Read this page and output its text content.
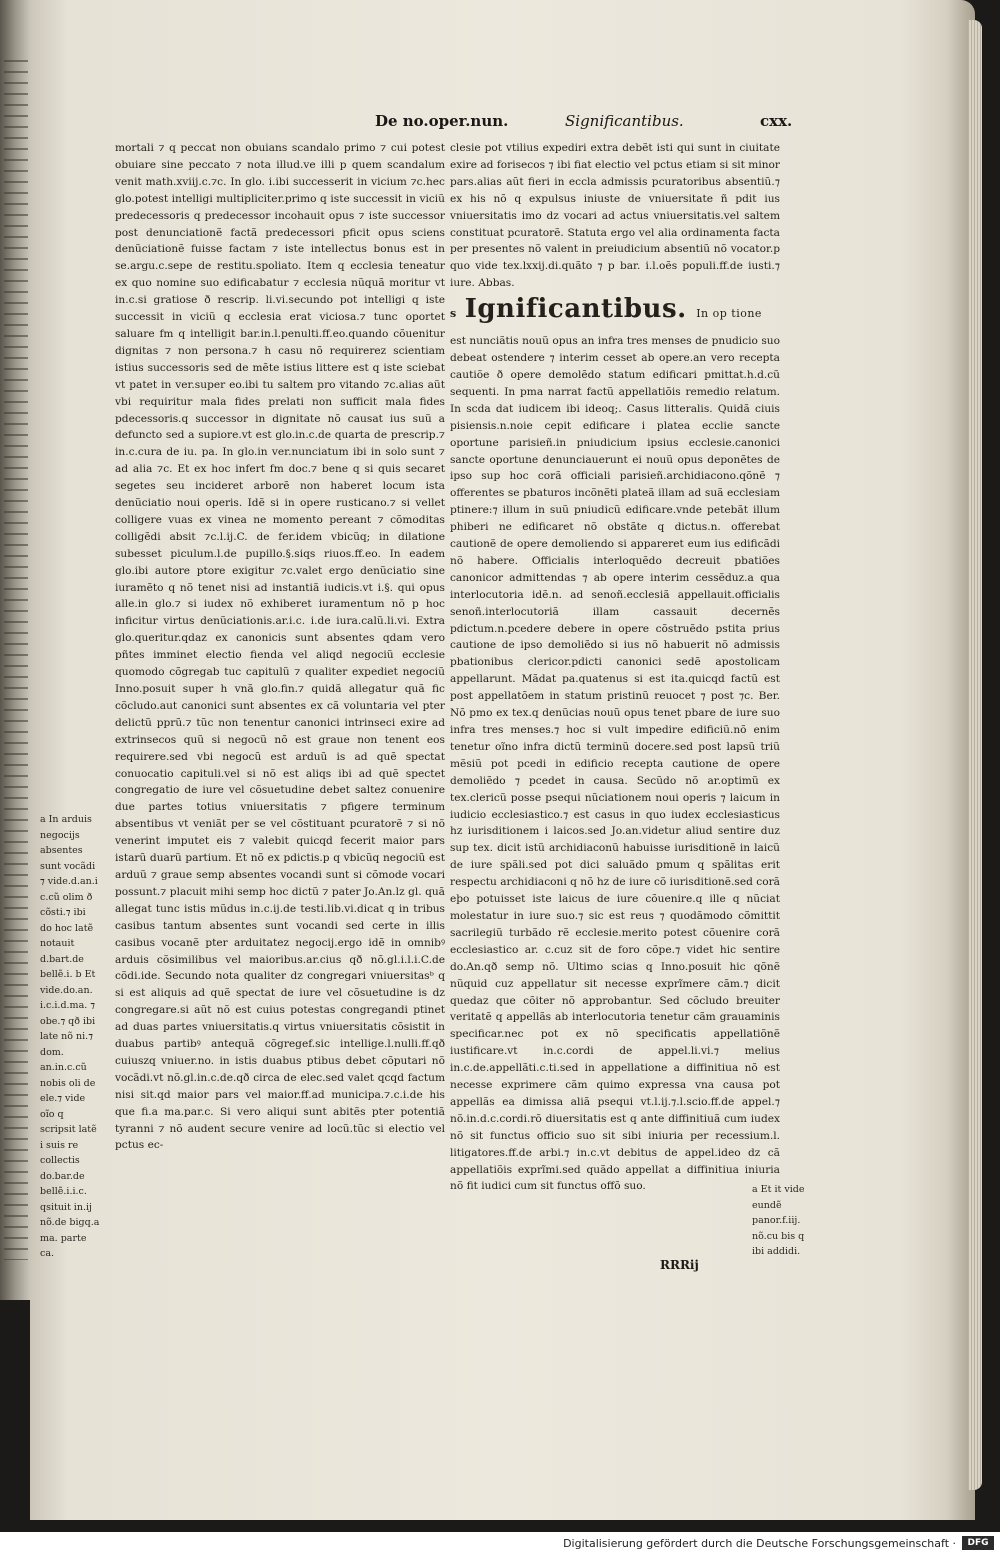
De no.oper.nun.	Significantibus.	cxx.

mortali ⁊ q peccat non obuians scandalo primo ⁊ cui potest obuiare sine peccato ⁊ nota illud.ve illi p quem scandalum venit math.xviij.c.⁊c. In glo. i.ibi successerit in vicium ⁊c.hec glo.potest intelligi multipliciter.primo q iste successit in viciũ predecessoris q predecessor incohauit opus ⁊ iste successor post denunciationẽ factã predecessori pficit opus sciens denũciationẽ fuisse factam ⁊ iste intellectus bonus est in se.argu.c.sepe de restitu.spoliato. Item q ecclesia teneatur ex quo nomine suo edificabatur ⁊ ecclesia nũquã moritur vt in.c.si gratiose ð rescrip. li.vi.secundo pot intelligi q iste successit in viciũ q ecclesia erat viciosa.⁊ tunc oportet saluare fm q intelligit bar.in.l.penulti.ff.eo.quando cõuenitur dignitas ⁊ non persona.⁊ h casu nõ requirerez scientiam istius successoris sed de mẽte istius littere est q iste sciebat vt patet in ver.super eo.ibi tu saltem pro vitando ⁊c.alias aũt vbi requiritur mala fides prelati non sufficit mala fides pdecessoris.q successor in dignitate nõ causat ius suũ a defuncto sed a supiore.vt est glo.in.c.de quarta de prescrip.⁊ in.c.cura de iu. pa. In glo.in ver.nunciatum ibi in solo sunt ⁊ ad alia ⁊c. Et ex hoc infert fm doc.⁊ bene q si quis secaret segetes seu incideret arborẽ non haberet locum ista denũciatio noui operis. Idẽ si in opere rusticano.⁊ si vellet colligere vuas ex vinea ne momento pereant ⁊ cõmoditas colligẽdi absit ⁊c.l.ij.C. de fer.idem vbicũq; in dilatione subesset piculum.l.de pupillo.§.siqs riuos.ff.eo. In eadem glo.ibi autore ptore exigitur ⁊c.valet ergo denũciatio sine iuramẽto q nõ tenet nisi ad instantiã iudicis.vt i.§. qui opus alle.in glo.⁊ si iudex nõ exhiberet iuramentum nõ p hoc inficitur virtus denũciationis.ar.i.c. i.de iura.calũ.li.vi. Extra glo.queritur.qdaz ex canonicis sunt absentes qdam vero pñtes imminet electio fienda vel aliqd negociũ ecclesie quomodo cõgregab tuc capitulũ ⁊ qualiter expediet negociũ Inno.posuit super h vnã glo.fin.⁊ quidã allegatur quã fic cõcludo.aut canonici sunt absentes ex cã voluntaria vel pter delictũ pprũ.⁊ tũc non tenentur canonici intrinseci exire ad extrinsecos quũ si negocũ nõ est graue non tenent eos requirere.sed vbi negocũ est arduũ is ad quẽ spectat conuocatio capituli.vel si nõ est aliqs ibi ad quẽ spectet congregatio de iure vel cõsuetudine debet saltez conuenire due partes totius vniuersitatis ⁊ pfigere terminum absentibus vt veniãt per se vel cõstituant pcuratorẽ ⁊ si nõ venerint imputet eis ⁊ valebit quicqd fecerit maior pars istarũ duarũ partium. Et nõ ex pdictis.p q vbicũq negociũ est arduũ ⁊ graue semp absentes vocandi sunt si cõmode vocari possunt.⁊ placuit mihi semp hoc dictũ ⁊ pater Jo.An.lz gl. quã allegat tunc istis mũdus in.c.ij.de testi.lib.vi.dicat q in tribus casibus tantum absentes sunt vocandi sed certe in illis casibus vocanẽ pter arduitatez negocij.ergo idẽ in omnibꝰ arduis cõsimilibus vel maioribus.ar.cius qð nõ.gl.i.l.i.C.de cõdi.ide. Secundo nota qualiter dz congregari vniuersitasᵇ q si est aliquis ad quẽ spectat de iure vel cõsuetudine is dz congregare.si aũt nõ est cuius potestas congregandi ptinet ad duas partes vniuersitatis.q virtus vniuersitatis cõsistit in duabus partibꝰ antequã cõgregef.sic intellige.l.nulli.ff.qð cuiuszq vniuer.no. in istis duabus ptibus debet cõputari nõ vocãdi.vt nõ.gl.in.c.de.qð circa de elec.sed valet qcqd factum nisi sit.qd maior pars vel maior.ff.ad municipa.⁊.c.i.de his que fi.a ma.par.c. Si vero aliqui sunt abitẽs pter potentiã tyranni ⁊ nõ audent secure venire ad locũ.tũc si electio vel pctus ec-

clesie pot vtilius expediri extra debẽt isti qui sunt in ciuitate exire ad forisecos ⁊ ibi fiat electio vel pctus etiam si sit minor pars.alias aũt fieri in eccla admissis pcuratoribus absentiũ.⁊ ex his nõ q expulsus iniuste de vniuersitate ñ pdit ius vniuersitatis imo dz vocari ad actus vniuersitatis.vel saltem constituat pcuratorẽ. Statuta ergo vel alia ordinamenta facta per presentes nõ valent in preiudicium absentiũ nõ vocator.p quo vide tex.lxxij.di.quãto ⁊ p bar. i.l.oẽs populi.ff.de iusti.⁊ iure. Abbas.

s Ignificantibus. In op tione

est nunciãtis nouũ opus an infra tres menses de pnudicio suo debeat ostendere ⁊ interim cesset ab opere.an vero recepta cautiõe ð opere demolẽdo statum edificari pmittat.h.d.cũ sequenti. In pma narrat factũ appellatiõis remedio relatum. In scda dat iudicem ibi ideoq;. Casus litteralis. Quidã ciuis pisiensis.n.noie cepit edificare i platea ecclie sancte oportune parisieñ.in pniudicium ipsius ecclesie.canonici sancte oportune denunciauerunt ei nouũ opus deponẽtes de ipso sup hoc corã officiali parisieñ.archidiacono.qõnẽ ⁊ offerentes se pbaturos incõnẽti plateã illam ad suã ecclesiam ptinere:⁊ illum in suũ pniudicũ edificare.vnde petebãt illum phiberi ne edificaret nõ obstãte q dictus.n. offerebat cautionẽ de opere demoliendo si appareret eum ius edificãdi nõ habere. Officialis interloquẽdo decreuit pbatiões canonicor admittendas ⁊ ab opere interim cessẽduz.a qua interlocutoria idẽ.n. ad senoñ.ecclesiã appellauit.officialis senoñ.interlocutoriã illam cassauit decernẽs pdictum.n.pcedere debere in opere cõstruẽdo pstita prius cautione de ipso demoliẽdo si ius nõ habuerit nõ admissis pbationibus clericor.pdicti canonici sedẽ apostolicam appellarunt. Mãdat pa.quatenus si est ita.quicqd factũ est post appellatõem in statum pristinũ reuocet ⁊ post ⁊c. Ber. Nõ pmo ex tex.q denũcias nouũ opus tenet pbare de iure suo infra tres menses.⁊ hoc si vult impedire edificiũ.nõ enim tenetur oĩno infra dictũ terminũ docere.sed post lapsũ triũ mẽsiũ pot pcedi in edificio recepta cautione de opere demoliẽdo ⁊ pcedet in causa. Secũdo nõ ar.optimũ ex tex.clericũ posse psequi nũciationem noui operis ⁊ laicum in iudicio ecclesiastico.⁊ est casus in quo iudex ecclesiasticus hz iurisditionem i laicos.sed Jo.an.videtur aliud sentire duz sup tex. dicit istũ archidiaconũ habuisse iurisditionẽ in laicũ de iure spãli.sed pot dici saluãdo pmum q spãlitas erit respectu archidiaconi q nõ hz de iure cõ iurisditionẽ.sed corã eþo potuisset iste laicus de iure cõuenire.q ille q nũciat molestatur in iure suo.⁊ sic est reus ⁊ quodãmodo cõmittit sacrilegiũ turbãdo rẽ ecclesie.merito potest cõuenire corã ecclesiastico ar. c.cuz sit de foro cõpe.⁊ videt hic sentire do.An.qð semp nõ. Ultimo scias q Inno.posuit hic qõnẽ nũquid cuz appellatur sit necesse exprĩmere cãm.⁊ dicit quedaz que cõiter nõ approbantur. Sed cõcludo breuiter veritatẽ q appellãs ab interlocutoria tenetur cãm grauaminis specificar.nec pot ex nõ specificatis appellatiõnẽ iustificare.vt in.c.cordi de appel.li.vi.⁊ melius in.c.de.appellãti.c.ti.sed in appellatione a diffinitiua nõ est necesse exprimere cãm quimo expressa vna causa pot appellãs ea dimissa aliã psequi vt.l.ij.⁊.l.scio.ff.de appel.⁊ nõ.in.d.c.cordi.rõ diuersitatis est q ante diffinitiuã cum iudex nõ sit functus officio suo sit sibi iniuria per recessium.l. litigatores.ff.de arbi.⁊ in.c.vt debitus de appel.ideo dz cã appellatiõis exprĩmi.sed quãdo appellat a diffinitiua iniuria nõ fit iudici cum sit functus offõ suo.

a In arduis negocijs absentes sunt vocãdi ⁊ vide.d.an.i c.cũ olim ð cõsti.⁊ ibi do hoc latẽ notauit d.bart.de bellẽ.i. b Et vide.do.an. i.c.i.d.ma. ⁊ obe.⁊ qð ibi late nõ ni.⁊ dom. an.in.c.cũ nobis oli de ele.⁊ vide oĩo q scripsit latẽ i suis re collectis do.bar.de bellẽ.i.i.c. qsituit in.ij nõ.de bigq.a ma. parte ca.
a Et it vide eundẽ panor.f.iij. nõ.cu bis q ibi addidi.
RRRij
Digitalisierung gefördert durch die Deutsche Forschungsgemeinschaft ·	DFG
